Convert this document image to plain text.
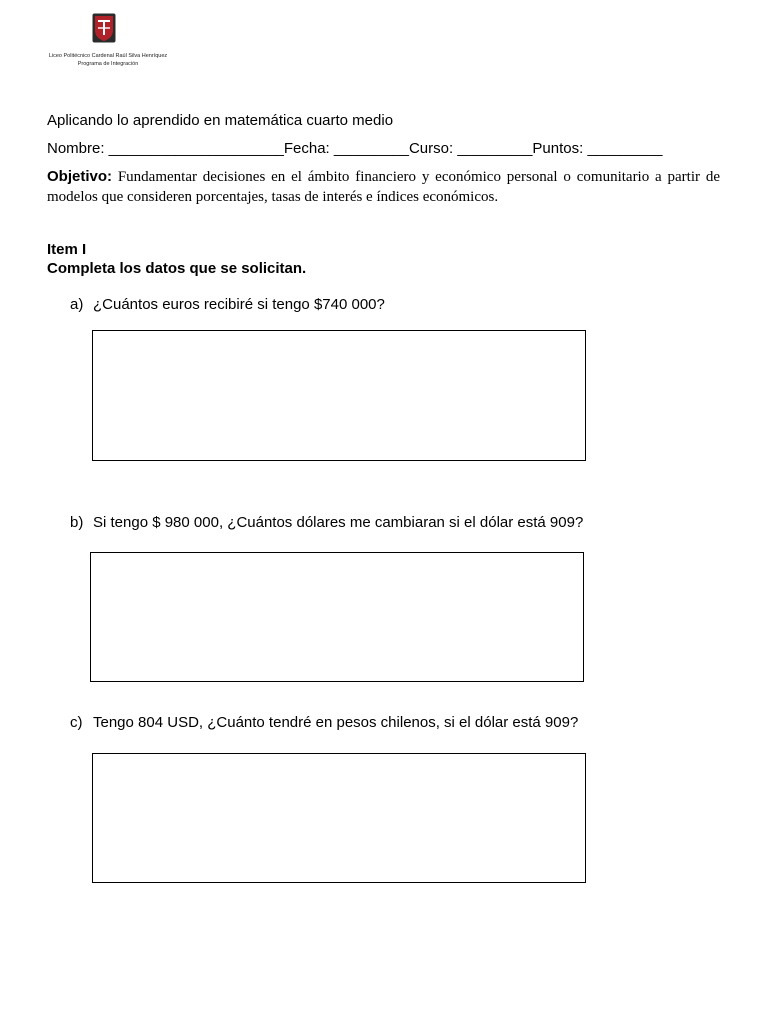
Liceo Politécnico Cardenal Raúl Silva Henríquez
Programa de Integración
Aplicando lo aprendido en matemática cuarto medio
Nombre: _____________________Fecha: _________Curso: _________Puntos: _________
Objetivo: Fundamentar decisiones en el ámbito financiero y económico personal o comunitario a partir de modelos que consideren porcentajes, tasas de interés e índices económicos.
Item I
Completa los datos que se solicitan.
a) ¿Cuántos euros recibiré si tengo $740 000?
b) Si tengo $ 980 000, ¿Cuántos dólares me cambiaran si el dólar está 909?
c) Tengo 804 USD, ¿Cuánto tendré en pesos chilenos, si el dólar está 909?
